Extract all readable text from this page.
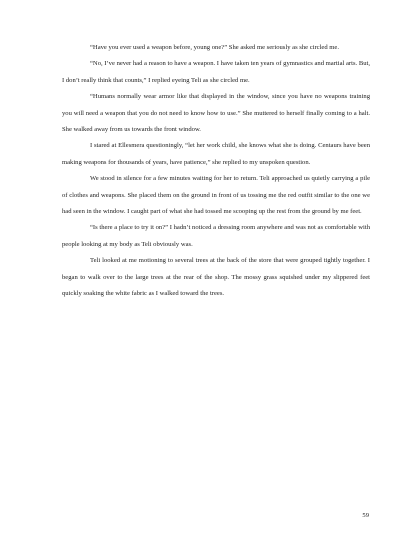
“Have you ever used a weapon before, young one?” She asked me seriously as she circled me.

“No, I’ve never had a reason to have a weapon. I have taken ten years of gymnastics and martial arts. But, I don’t really think that counts,” I replied eyeing Teli as she circled me.

“Humans normally wear armor like that displayed in the window, since you have no weapons training you will need a weapon that you do not need to know how to use.” She muttered to herself finally coming to a halt. She walked away from us towards the front window.

I stared at Ellesmera questioningly, “let her work child, she knows what she is doing. Centaurs have been making weapons for thousands of years, have patience,” she replied to my unspoken question.

We stood in silence for a few minutes waiting for her to return. Teli approached us quietly carrying a pile of clothes and weapons. She placed them on the ground in front of us tossing me the red outfit similar to the one we had seen in the window. I caught part of what she had tossed me scooping up the rest from the ground by me feet.

“Is there a place to try it on?” I hadn’t noticed a dressing room anywhere and was not as comfortable with people looking at my body as Teli obviously was.

Teli looked at me motioning to several trees at the back of the store that were grouped tightly together. I began to walk over to the large trees at the rear of the shop. The mossy grass squished under my slippered feet quickly soaking the white fabric as I walked toward the trees.

59
